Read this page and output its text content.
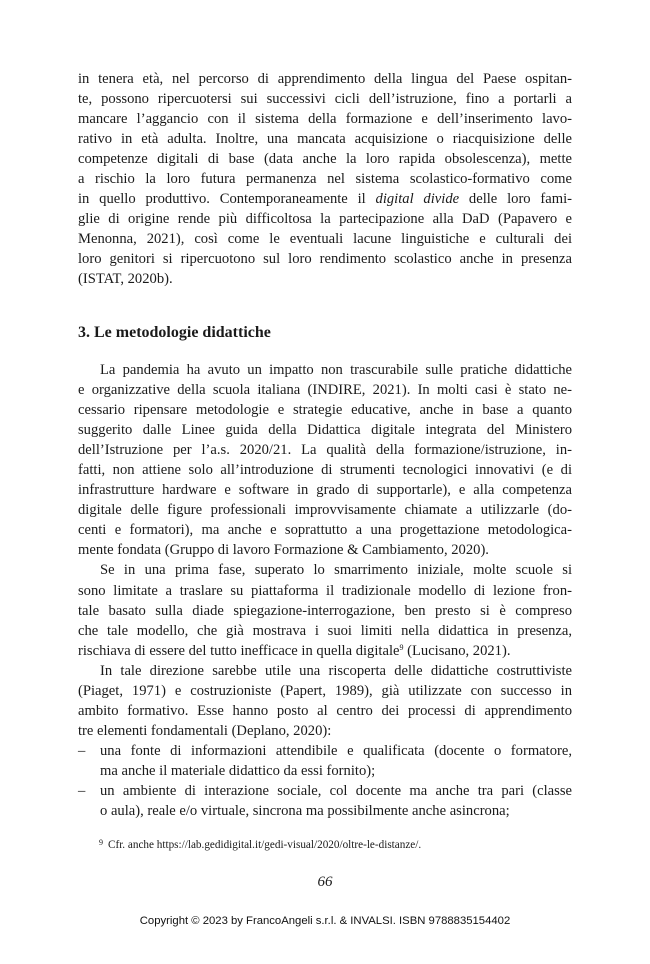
in tenera età, nel percorso di apprendimento della lingua del Paese ospitan-
te, possono ripercuotersi sui successivi cicli dell’istruzione, fino a portarli a
mancare l’aggancio con il sistema della formazione e dell’inserimento lavo-
rativo in età adulta. Inoltre, una mancata acquisizione o riacquisizione delle
competenze digitali di base (data anche la loro rapida obsolescenza), mette
a rischio la loro futura permanenza nel sistema scolastico-formativo come
in quello produttivo. Contemporaneamente il digital divide delle loro fami-
glie di origine rende più difficoltosa la partecipazione alla DaD (Papavero e
Menonna, 2021), così come le eventuali lacune linguistiche e culturali dei
loro genitori si ripercuotono sul loro rendimento scolastico anche in presenza
(ISTAT, 2020b).
3. Le metodologie didattiche
La pandemia ha avuto un impatto non trascurabile sulle pratiche didattiche
e organizzative della scuola italiana (INDIRE, 2021). In molti casi è stato ne-
cessario ripensare metodologie e strategie educative, anche in base a quanto
suggerito dalle Linee guida della Didattica digitale integrata del Ministero
dell’Istruzione per l’a.s. 2020/21. La qualità della formazione/istruzione, in-
fatti, non attiene solo all’introduzione di strumenti tecnologici innovativi (e di
infrastrutture hardware e software in grado di supportarle), e alla competenza
digitale delle figure professionali improvvisamente chiamate a utilizzarle (do-
centi e formatori), ma anche e soprattutto a una progettazione metodologica-
mente fondata (Gruppo di lavoro Formazione & Cambiamento, 2020).
Se in una prima fase, superato lo smarrimento iniziale, molte scuole si
sono limitate a traslare su piattaforma il tradizionale modello di lezione fron-
tale basato sulla diade spiegazione-interrogazione, ben presto si è compreso
che tale modello, che già mostrava i suoi limiti nella didattica in presenza,
rischiava di essere del tutto inefficace in quella digitale$^9$ (Lucisano, 2021).
In tale direzione sarebbe utile una riscoperta delle didattiche costruttiviste
(Piaget, 1971) e costruzioniste (Papert, 1989), già utilizzate con successo in
ambito formativo. Esse hanno posto al centro dei processi di apprendimento
tre elementi fondamentali (Deplano, 2020):
– una fonte di informazioni attendibile e qualificata (docente o formatore,
ma anche il materiale didattico da essi fornito);
– un ambiente di interazione sociale, col docente ma anche tra pari (classe
o aula), reale e/o virtuale, sincrona ma possibilmente anche asincrona;
$^9$ Cfr. anche https://lab.gedidigital.it/gedi-visual/2020/oltre-le-distanze/.
66
Copyright © 2023 by FrancoAngeli s.r.l. & INVALSI. ISBN 9788835154402
